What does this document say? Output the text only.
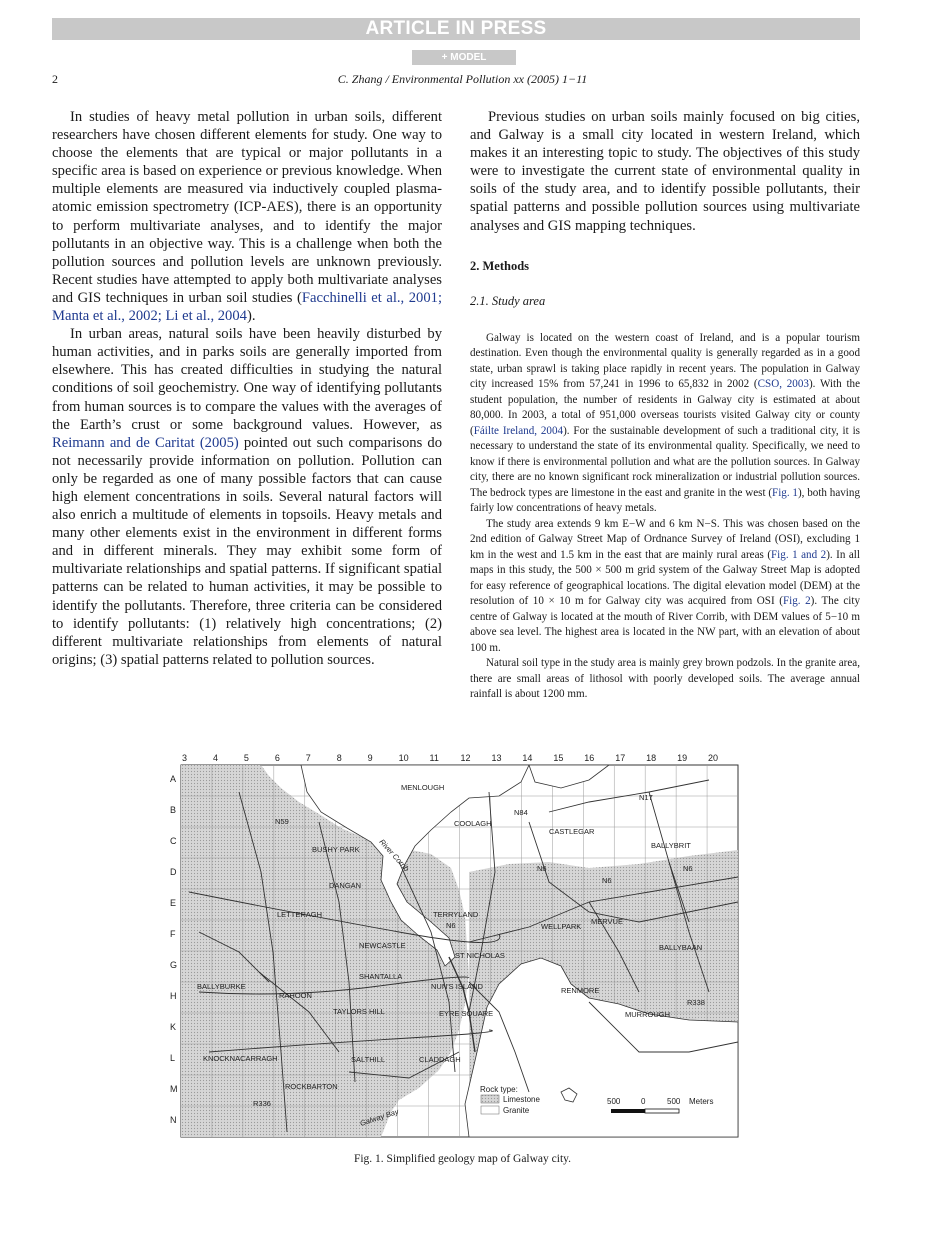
ARTICLE IN PRESS
+ MODEL
2	C. Zhang / Environmental Pollution xx (2005) 1−11

In studies of heavy metal pollution in urban soils, different researchers have chosen different elements for study. One way to choose the elements that are typical or major pollutants in a specific area is based on experience or previous knowledge. When multiple elements are measured via inductively coupled plasma-atomic emission spectrometry (ICP-AES), there is an opportunity to perform multivariate analyses, and to identify the major pollutants in an objective way. This is a challenge when both the pollution sources and pollution levels are unknown previously. Recent studies have attempted to apply both multivariate analyses and GIS techniques in urban soil studies (Facchinelli et al., 2001; Manta et al., 2002; Li et al., 2004).

In urban areas, natural soils have been heavily disturbed by human activities, and in parks soils are generally imported from elsewhere. This has created difficulties in studying the natural conditions of soil geochemistry. One way of identifying pollutants from human sources is to compare the values with the averages of the Earth’s crust or some background values. However, as Reimann and de Caritat (2005) pointed out such comparisons do not necessarily provide information on pollution. Pollution can only be regarded as one of many possible factors that can cause high element concentrations in soils. Several natural factors will also enrich a multitude of elements in topsoils. Heavy metals and many other elements exist in the environment in different forms and in different minerals. They may exhibit some form of multivariate relationships and spatial patterns. If significant spatial patterns can be related to human activities, it may be possible to identify the pollutants. Therefore, three criteria can be considered to identify pollutants: (1) relatively high concentrations; (2) different multivariate relationships from elements of natural origins; (3) spatial patterns related to pollution sources.

Previous studies on urban soils mainly focused on big cities, and Galway is a small city located in western Ireland, which makes it an interesting topic to study. The objectives of this study were to investigate the current state of environmental quality in soils of the study area, and to identify possible pollutants, their spatial patterns and possible pollution sources using multivariate analyses and GIS mapping techniques.

2. Methods
2.1. Study area

Galway is located on the western coast of Ireland, and is a popular tourism destination. Even though the environmental quality is generally regarded as in a good state, urban sprawl is taking place rapidly in recent years. The population in Galway city increased 15% from 57,241 in 1996 to 65,832 in 2002 (CSO, 2003). With the student population, the number of residents in Galway city is estimated at about 80,000. In 2003, a total of 951,000 overseas tourists visited Galway city or county (Fáilte Ireland, 2004). For the sustainable development of such a traditional city, it is necessary to understand the state of its environmental quality. Specifically, we need to know if there is environmental pollution and what are the pollution sources. In Galway city, there are no known significant rock mineralization or industrial pollution sources. The bedrock types are limestone in the east and granite in the west (Fig. 1), both having fairly low concentrations of heavy metals.

The study area extends 9 km E−W and 6 km N−S. This was chosen based on the 2nd edition of Galway Street Map of Ordnance Survey of Ireland (OSI), excluding 1 km in the west and 1.5 km in the east that are mainly rural areas (Fig. 1 and 2). In all maps in this study, the 500 × 500 m grid system of the Galway Street Map is adopted for easy reference of geographical locations. The digital elevation model (DEM) at the resolution of 10 × 10 m for Galway city was acquired from OSI (Fig. 2). The city centre of Galway is located at the mouth of River Corrib, with DEM values of 5−10 m above sea level. The highest area is located in the NW part, with an elevation of about 100 m.

Natural soil type in the study area is mainly grey brown podzols. In the granite area, there are small areas of lithosol with poorly developed soils. The average annual rainfall is about 1200 mm.

3	4	5	6	7	8	9	10 11 12 13 14 15 16 17 18 19 20
A
B
C
D
E
F
G
H
K
L
M
N
MENLOUGH
COOLAGH
N84
CASTLEGAR
N17
BALLYBRIT
N59
BUSHY PARK River Corrib
DANGAN
N6
N6
N6
LETTERAGH	TERRYLAND
N6	WELLPARK
MERVUE
BALLYBAAN
NEWCASTLE
ST NICHOLAS
SHANTALLA
BALLYBURKE
RAHOON
NUN'S ISLAND	RENMORE
R338
TAYLORS HILL	EYRE SQUARE	MURROUGH
KNOCKNACARRAGH	SALTHILL	CLADDAGH
ROCKBARTON
R336
Galway Bay
Rock type:
Limestone
Granite
500	0	500 Meters
Fig. 1. Simplified geology map of Galway city.
